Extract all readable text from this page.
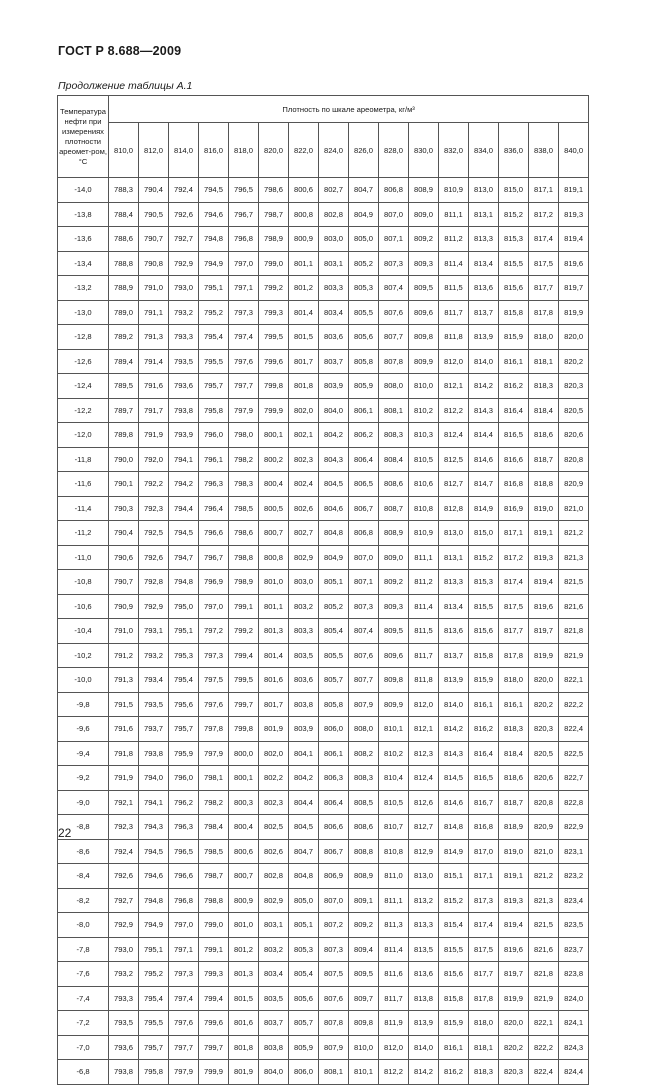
ГОСТ Р 8.688—2009
Продолжение таблицы А.1
Температура нефти при измерениях плотности ареомет-ром, °С	Плотность по шкале ареометра, кг/м³															
	810,0	812,0	814,0	816,0	818,0	820,0	822,0	824,0	826,0	828,0	830,0	832,0	834,0	836,0	838,0	840,0
-14,0	788,3	790,4	792,4	794,5	796,5	798,6	800,6	802,7	804,7	806,8	808,9	810,9	813,0	815,0	817,1	819,1
-13,8	788,4	790,5	792,6	794,6	796,7	798,7	800,8	802,8	804,9	807,0	809,0	811,1	813,1	815,2	817,2	819,3
-13,6	788,6	790,7	792,7	794,8	796,8	798,9	800,9	803,0	805,0	807,1	809,2	811,2	813,3	815,3	817,4	819,4
-13,4	788,8	790,8	792,9	794,9	797,0	799,0	801,1	803,1	805,2	807,3	809,3	811,4	813,4	815,5	817,5	819,6
-13,2	788,9	791,0	793,0	795,1	797,1	799,2	801,2	803,3	805,3	807,4	809,5	811,5	813,6	815,6	817,7	819,7
-13,0	789,0	791,1	793,2	795,2	797,3	799,3	801,4	803,4	805,5	807,6	809,6	811,7	813,7	815,8	817,8	819,9
-12,8	789,2	791,3	793,3	795,4	797,4	799,5	801,5	803,6	805,6	807,7	809,8	811,8	813,9	815,9	818,0	820,0
-12,6	789,4	791,4	793,5	795,5	797,6	799,6	801,7	803,7	805,8	807,8	809,9	812,0	814,0	816,1	818,1	820,2
-12,4	789,5	791,6	793,6	795,7	797,7	799,8	801,8	803,9	805,9	808,0	810,0	812,1	814,2	816,2	818,3	820,3
-12,2	789,7	791,7	793,8	795,8	797,9	799,9	802,0	804,0	806,1	808,1	810,2	812,2	814,3	816,4	818,4	820,5
-12,0	789,8	791,9	793,9	796,0	798,0	800,1	802,1	804,2	806,2	808,3	810,3	812,4	814,4	816,5	818,6	820,6
-11,8	790,0	792,0	794,1	796,1	798,2	800,2	802,3	804,3	806,4	808,4	810,5	812,5	814,6	816,6	818,7	820,8
-11,6	790,1	792,2	794,2	796,3	798,3	800,4	802,4	804,5	806,5	808,6	810,6	812,7	814,7	816,8	818,8	820,9
-11,4	790,3	792,3	794,4	796,4	798,5	800,5	802,6	804,6	806,7	808,7	810,8	812,8	814,9	816,9	819,0	821,0
-11,2	790,4	792,5	794,5	796,6	798,6	800,7	802,7	804,8	806,8	808,9	810,9	813,0	815,0	817,1	819,1	821,2
-11,0	790,6	792,6	794,7	796,7	798,8	800,8	802,9	804,9	807,0	809,0	811,1	813,1	815,2	817,2	819,3	821,3
-10,8	790,7	792,8	794,8	796,9	798,9	801,0	803,0	805,1	807,1	809,2	811,2	813,3	815,3	817,4	819,4	821,5
-10,6	790,9	792,9	795,0	797,0	799,1	801,1	803,2	805,2	807,3	809,3	811,4	813,4	815,5	817,5	819,6	821,6
-10,4	791,0	793,1	795,1	797,2	799,2	801,3	803,3	805,4	807,4	809,5	811,5	813,6	815,6	817,7	819,7	821,8
-10,2	791,2	793,2	795,3	797,3	799,4	801,4	803,5	805,5	807,6	809,6	811,7	813,7	815,8	817,8	819,9	821,9
-10,0	791,3	793,4	795,4	797,5	799,5	801,6	803,6	805,7	807,7	809,8	811,8	813,9	815,9	818,0	820,0	822,1
-9,8	791,5	793,5	795,6	797,6	799,7	801,7	803,8	805,8	807,9	809,9	812,0	814,0	816,1	816,1	820,2	822,2
-9,6	791,6	793,7	795,7	797,8	799,8	801,9	803,9	806,0	808,0	810,1	812,1	814,2	816,2	818,3	820,3	822,4
-9,4	791,8	793,8	795,9	797,9	800,0	802,0	804,1	806,1	808,2	810,2	812,3	814,3	816,4	818,4	820,5	822,5
-9,2	791,9	794,0	796,0	798,1	800,1	802,2	804,2	806,3	808,3	810,4	812,4	814,5	816,5	818,6	820,6	822,7
-9,0	792,1	794,1	796,2	798,2	800,3	802,3	804,4	806,4	808,5	810,5	812,6	814,6	816,7	818,7	820,8	822,8
-8,8	792,3	794,3	796,3	798,4	800,4	802,5	804,5	806,6	808,6	810,7	812,7	814,8	816,8	818,9	820,9	822,9
-8,6	792,4	794,5	796,5	798,5	800,6	802,6	804,7	806,7	808,8	810,8	812,9	814,9	817,0	819,0	821,0	823,1
-8,4	792,6	794,6	796,6	798,7	800,7	802,8	804,8	806,9	808,9	811,0	813,0	815,1	817,1	819,1	821,2	823,2
-8,2	792,7	794,8	796,8	798,8	800,9	802,9	805,0	807,0	809,1	811,1	813,2	815,2	817,3	819,3	821,3	823,4
-8,0	792,9	794,9	797,0	799,0	801,0	803,1	805,1	807,2	809,2	811,3	813,3	815,4	817,4	819,4	821,5	823,5
-7,8	793,0	795,1	797,1	799,1	801,2	803,2	805,3	807,3	809,4	811,4	813,5	815,5	817,5	819,6	821,6	823,7
-7,6	793,2	795,2	797,3	799,3	801,3	803,4	805,4	807,5	809,5	811,6	813,6	815,6	817,7	819,7	821,8	823,8
-7,4	793,3	795,4	797,4	799,4	801,5	803,5	805,6	807,6	809,7	811,7	813,8	815,8	817,8	819,9	821,9	824,0
-7,2	793,5	795,5	797,6	799,6	801,6	803,7	805,7	807,8	809,8	811,9	813,9	815,9	818,0	820,0	822,1	824,1
-7,0	793,6	795,7	797,7	799,7	801,8	803,8	805,9	807,9	810,0	812,0	814,0	816,1	818,1	820,2	822,2	824,3
-6,8	793,8	795,8	797,9	799,9	801,9	804,0	806,0	808,1	810,1	812,2	814,2	816,2	818,3	820,3	822,4	824,4
22
